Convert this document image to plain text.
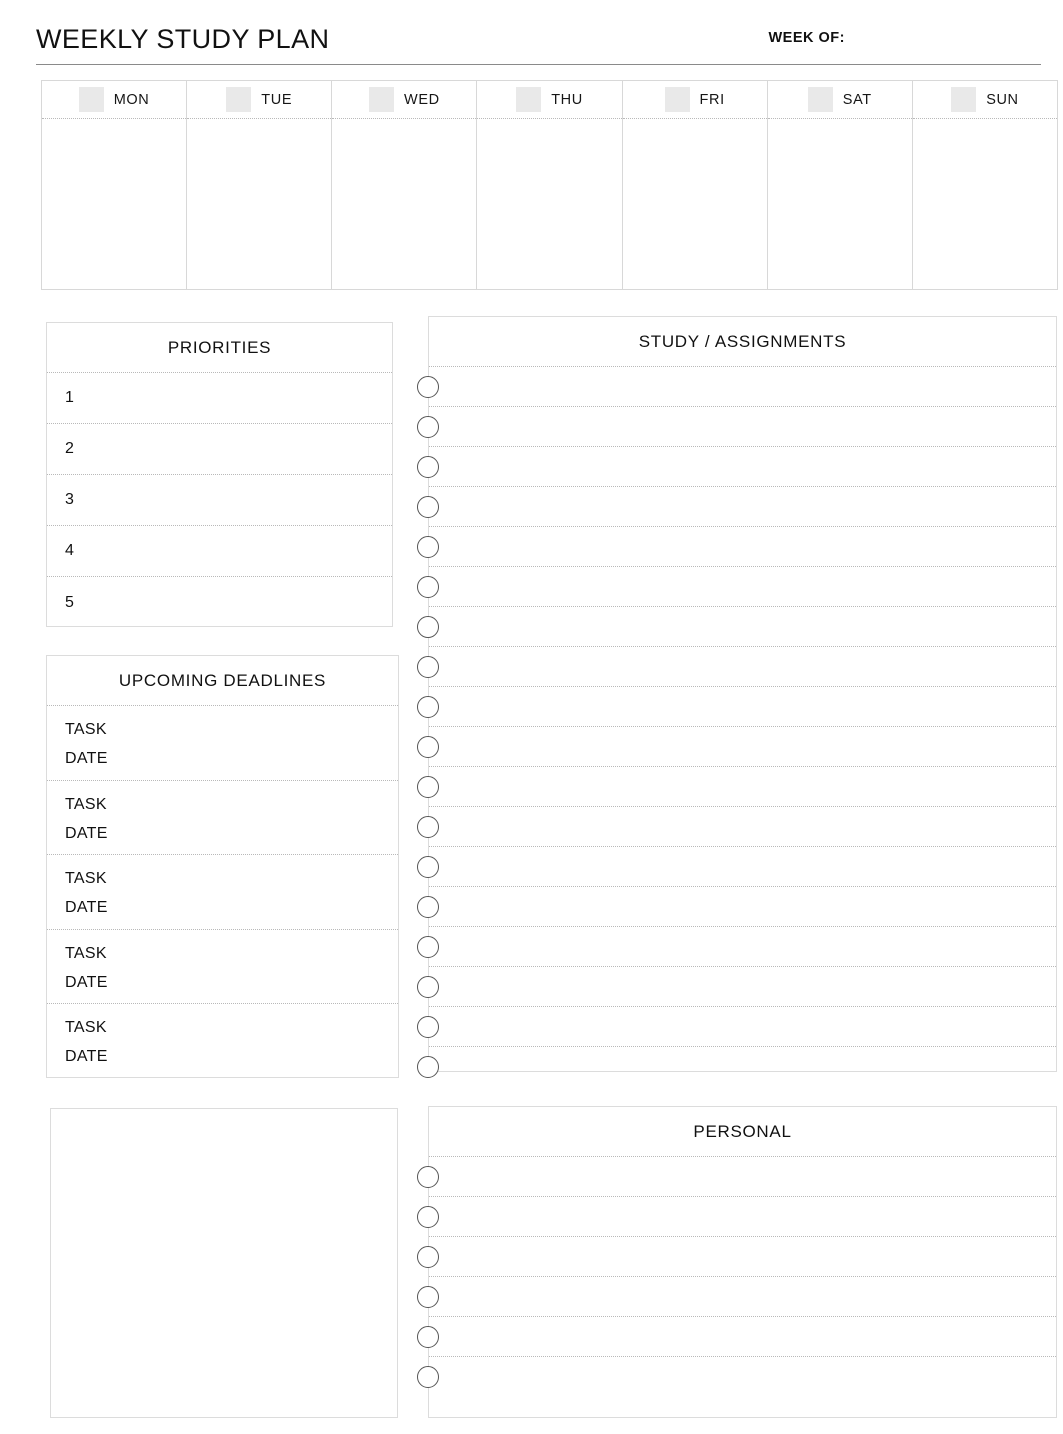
WEEKLY STUDY PLAN	WEEK OF:
MON	TUE	WED	THU	FRI	SAT	SUN
PRIORITIES
1
2
3
4
5
UPCOMING DEADLINES
TASK
DATE
TASK
DATE
TASK
DATE
TASK
DATE
TASK
DATE
STUDY / ASSIGNMENTS
PERSONAL
